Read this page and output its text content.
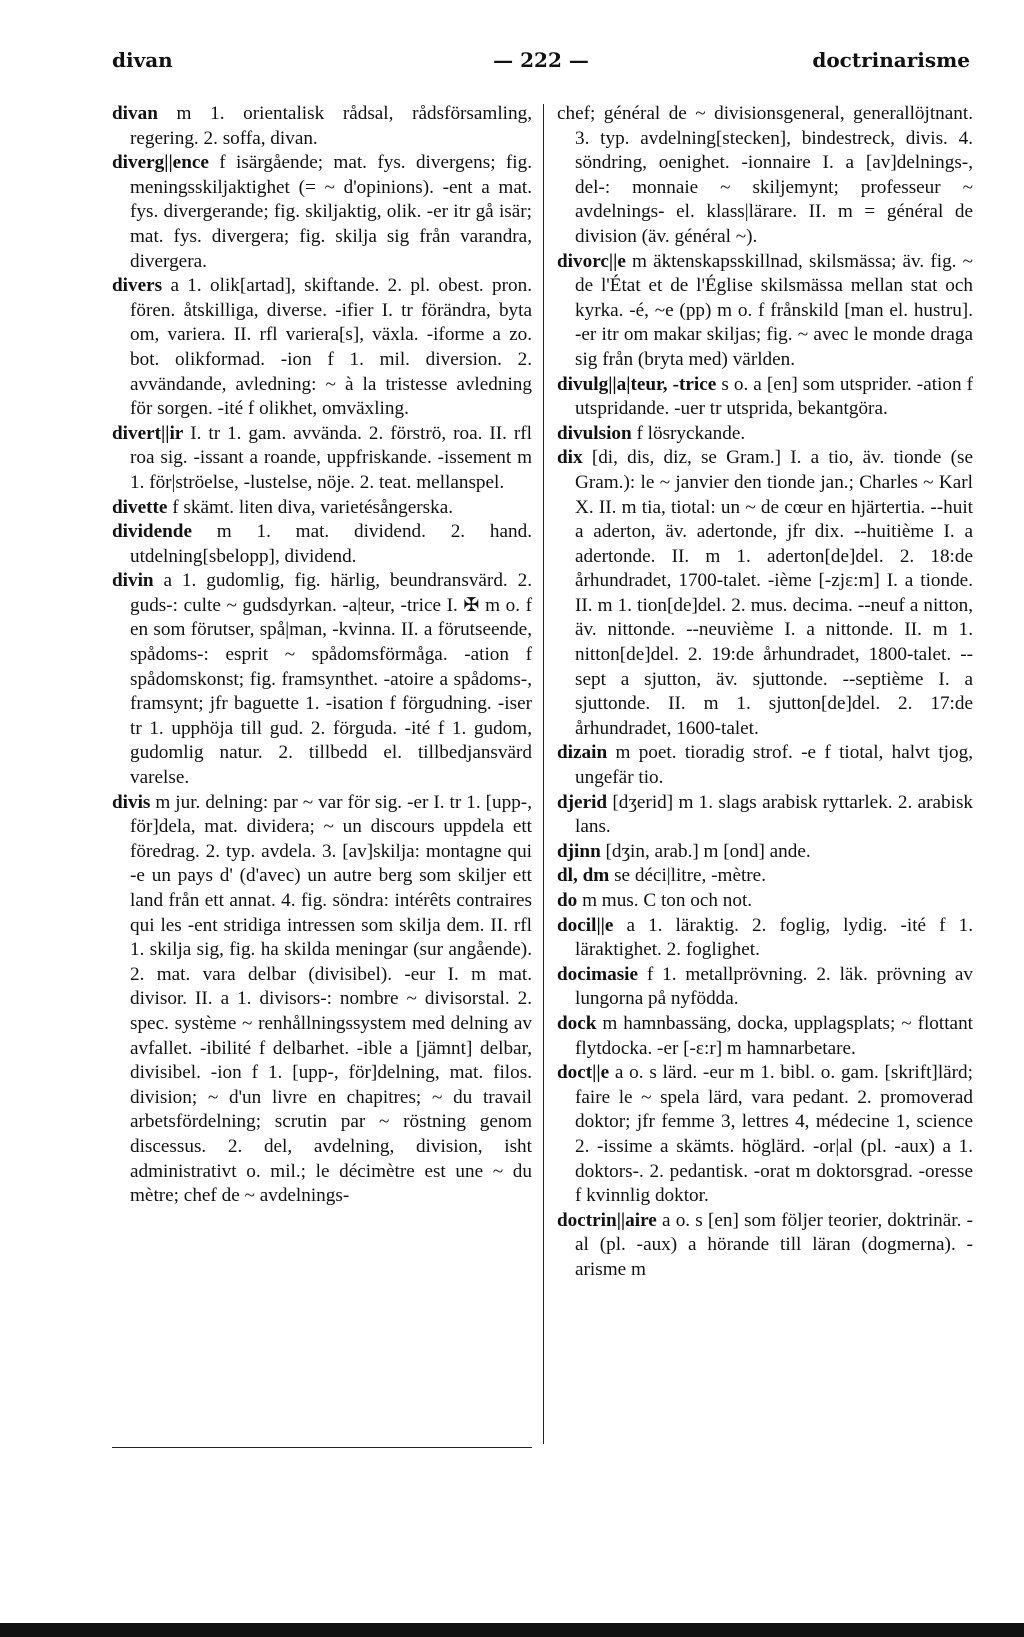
divan	— 222 —	doctrinarisme

divan m 1. orientalisk rådsal, rådsförsamling, regering. 2. soffa, divan.

diverg||ence f isärgående; mat. fys. divergens; fig. meningsskiljaktighet (= ~ d'opinions). -ent a mat. fys. divergerande; fig. skiljaktig, olik. -er itr gå isär; mat. fys. divergera; fig. skilja sig från varandra, divergera.

divers a 1. olik[artad], skiftande. 2. pl. obest. pron. fören. åtskilliga, diverse. -ifier I. tr förändra, byta om, variera. II. rfl variera[s], växla. -iforme a zo. bot. olikformad. -ion f 1. mil. diversion. 2. avvändande, avledning: ~ à la tristesse avledning för sorgen. -ité f olikhet, omväxling.

divert||ir I. tr 1. gam. avvända. 2. förströ, roa. II. rfl roa sig. -issant a roande, uppfriskande. -issement m 1. för|ströelse, -lustelse, nöje. 2. teat. mellanspel.

divette f skämt. liten diva, varietésångerska.

dividende m 1. mat. dividend. 2. hand. utdelning[sbelopp], dividend.

divin a 1. gudomlig, fig. härlig, beundransvärd. 2. guds-: culte ~ gudsdyrkan. -a|teur, -trice I. ✠ m o. f en som förutser, spå|man, -kvinna. II. a förutseende, spådoms-: esprit ~ spådomsförmåga. -ation f spådomskonst; fig. framsynthet. -atoire a spådoms-, framsynt; jfr baguette 1. -isation f förgudning. -iser tr 1. upphöja till gud. 2. förguda. -ité f 1. gudom, gudomlig natur. 2. tillbedd el. tillbedjansvärd varelse.

divis m jur. delning: par ~ var för sig. -er I. tr 1. [upp-, för]dela, mat. dividera; ~ un discours uppdela ett föredrag. 2. typ. avdela. 3. [av]skilja: montagne qui -e un pays d' (d'avec) un autre berg som skiljer ett land från ett annat. 4. fig. söndra: intérêts contraires qui les -ent stridiga intressen som skilja dem. II. rfl 1. skilja sig, fig. ha skilda meningar (sur angående). 2. mat. vara delbar (divisibel). -eur I. m mat. divisor. II. a 1. divisors-: nombre ~ divisorstal. 2. spec. système ~ renhållningssystem med delning av avfallet. -ibilité f delbarhet. -ible a [jämnt] delbar, divisibel. -ion f 1. [upp-, för]delning, mat. filos. division; ~ d'un livre en chapitres; ~ du travail arbetsfördelning; scrutin par ~ röstning genom discessus. 2. del, avdelning, division, isht administrativt o. mil.; le décimètre est une ~ du mètre; chef de ~ avdelnings-

chef; général de ~ divisionsgeneral, generallöjtnant. 3. typ. avdelning[stecken], bindestreck, divis. 4. söndring, oenighet. -ionnaire I. a [av]delnings-, del-: monnaie ~ skiljemynt; professeur ~ avdelnings- el. klass|lärare. II. m = général de division (äv. général ~).

divorc||e m äktenskapsskillnad, skilsmässa; äv. fig. ~ de l'État et de l'Église skilsmässa mellan stat och kyrka. -é, ~e (pp) m o. f frånskild [man el. hustru]. -er itr om makar skiljas; fig. ~ avec le monde draga sig från (bryta med) världen.

divulg||a|teur, -trice s o. a [en] som utsprider. -ation f utspridande. -uer tr utsprida, bekantgöra.

divulsion f lösryckande.

dix [di, dis, diz, se Gram.] I. a tio, äv. tionde (se Gram.): le ~ janvier den tionde jan.; Charles ~ Karl X. II. m tia, tiotal: un ~ de cœur en hjärtertia. --huit a aderton, äv. adertonde, jfr dix. --huitième I. a adertonde. II. m 1. aderton[de]del. 2. 18:de århundradet, 1700-talet. -ième [-zjɛ:m] I. a tionde. II. m 1. tion[de]del. 2. mus. decima. --neuf a nitton, äv. nittonde. --neuvième I. a nittonde. II. m 1. nitton[de]del. 2. 19:de århundradet, 1800-talet. --sept a sjutton, äv. sjuttonde. --septième I. a sjuttonde. II. m 1. sjutton[de]del. 2. 17:de århundradet, 1600-talet.

dizain m poet. tioradig strof. -e f tiotal, halvt tjog, ungefär tio.

djerid [dʒerid] m 1. slags arabisk ryttarlek. 2. arabisk lans.

djinn [dʒin, arab.] m [ond] ande.

dl, dm se déci|litre, -mètre.

do m mus. C ton och not.

docil||e a 1. läraktig. 2. foglig, lydig. -ité f 1. läraktighet. 2. foglighet.

docimasie f 1. metallprövning. 2. läk. prövning av lungorna på nyfödda.

dock m hamnbassäng, docka, upplagsplats; ~ flottant flytdocka. -er [-ɛ:r] m hamnarbetare.

doct||e a o. s lärd. -eur m 1. bibl. o. gam. [skrift]lärd; faire le ~ spela lärd, vara pedant. 2. promoverad doktor; jfr femme 3, lettres 4, médecine 1, science 2. -issime a skämts. höglärd. -or|al (pl. -aux) a 1. doktors-. 2. pedantisk. -orat m doktorsgrad. -oresse f kvinnlig doktor.

doctrin||aire a o. s [en] som följer teorier, doktrinär. -al (pl. -aux) a hörande till läran (dogmerna). -arisme m
